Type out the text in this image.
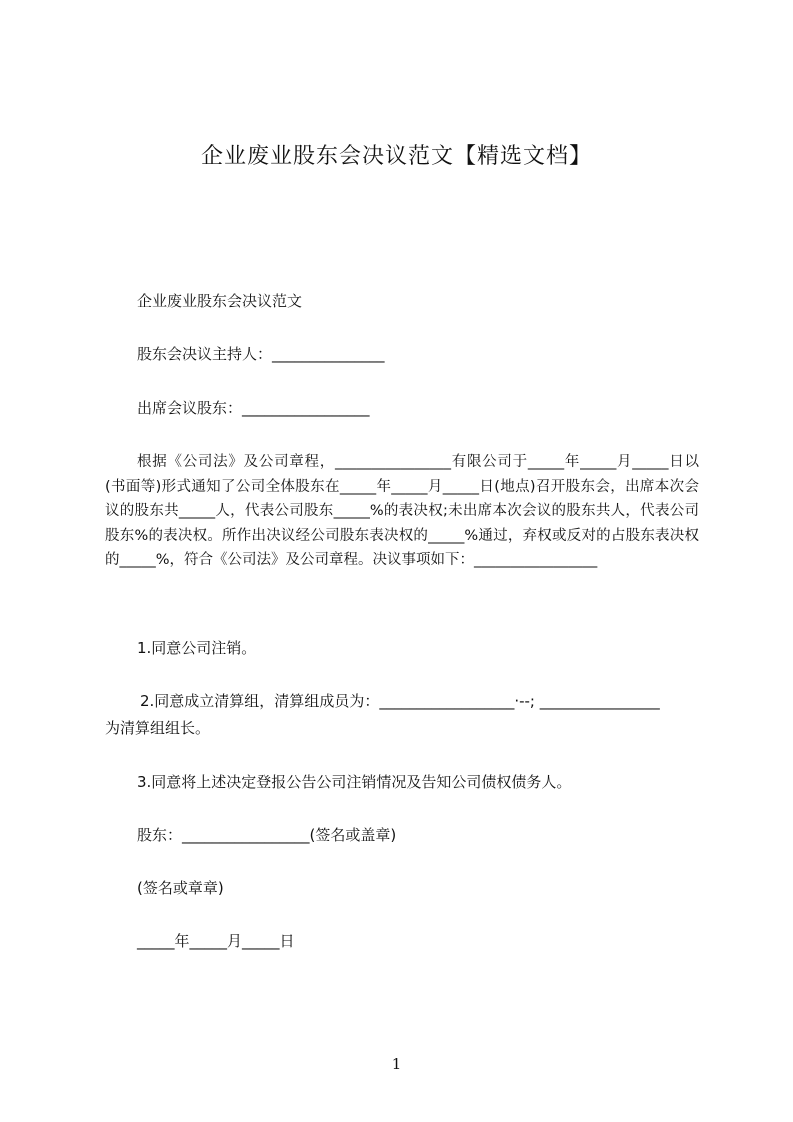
企业废业股东会决议范文【精选文档】
企业废业股东会决议范文
股东会决议主持人：_______________
出席会议股东：_________________
根据《公司法》及公司章程，________________有限公司于_____年_____月_____日以(书面等)形式通知了公司全体股东在_____年_____月_____日(地点)召开股东会，出席本次会议的股东共_____人，代表公司股东_____%的表决权;未出席本次会议的股东共人，代表公司股东%的表决权。所作出决议经公司股东表决权的_____%通过，弃权或反对的占股东表决权的_____%，符合《公司法》及公司章程。决议事项如下：_________________
1.同意公司注销。
2.同意成立清算组，清算组成员为：__________________·--; ________________
为清算组组长。
3.同意将上述决定登报公告公司注销情况及告知公司债权债务人。
股东：_________________(签名或盖章)
(签名或章章)
_____年_____月_____日
1
